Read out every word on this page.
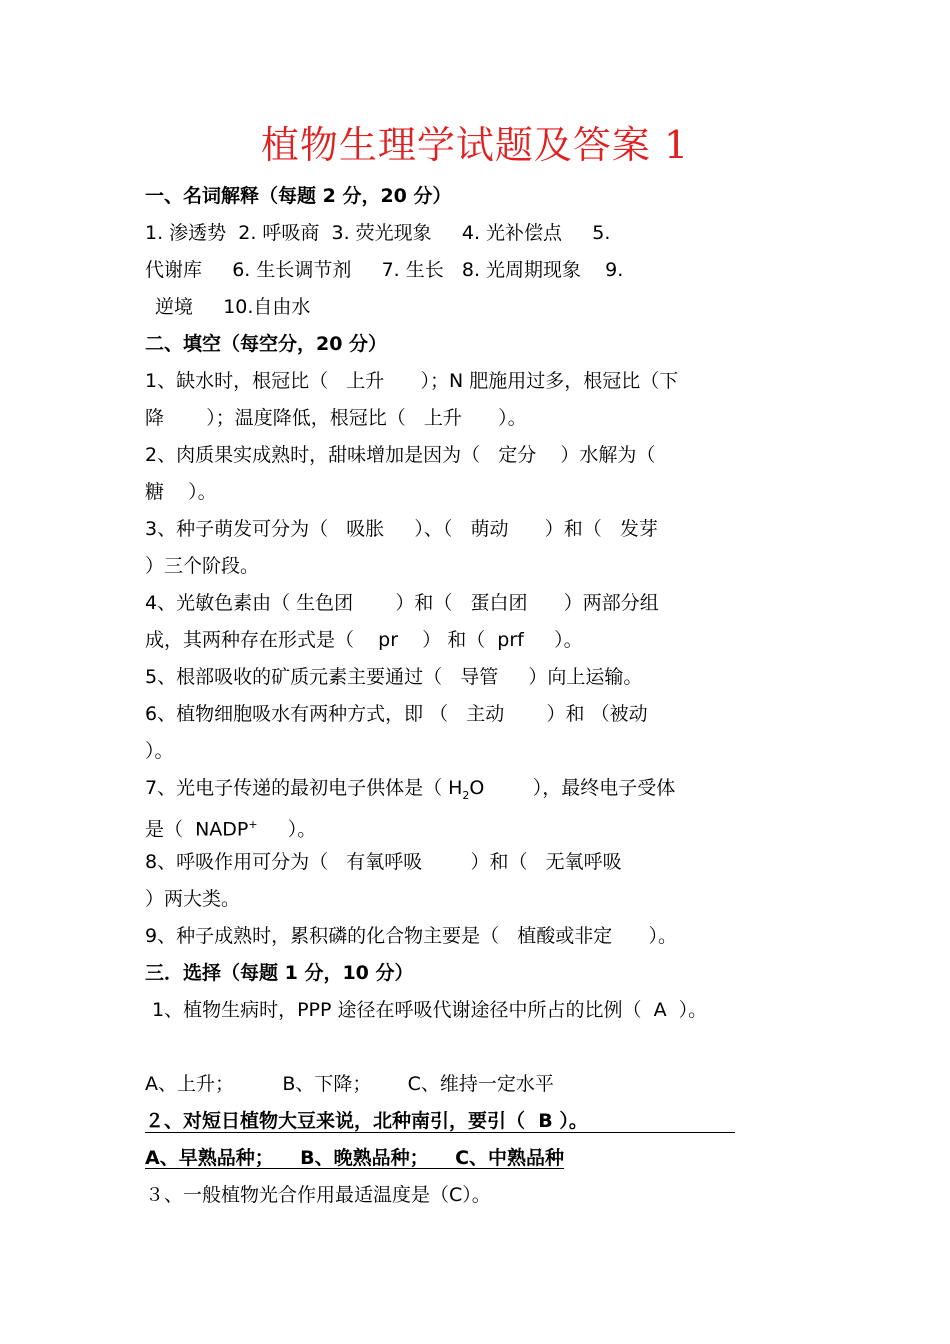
植物生理学试题及答案 1
一、名词解释（每题 2 分，20 分）
1. 渗透势  2. 呼吸商  3. 荧光现象     4. 光补偿点     5.
代谢库     6. 生长调节剂     7. 生长   8. 光周期现象    9.
逆境     10.自由水
二、填空（每空分，20 分）
1、缺水时，根冠比（   上升      ）；N 肥施用过多，根冠比（下
降       ）；温度降低，根冠比（   上升      ）。
2、肉质果实成熟时，甜味增加是因为（   定分    ）水解为（
糖    ）。
3、种子萌发可分为（   吸胀     ）、（   萌动      ）和（   发芽
）三个阶段。
4、光敏色素由（ 生色团       ）和（   蛋白团      ）两部分组
成，其两种存在形式是（    pr    ） 和（  prf     ）。
5、根部吸收的矿质元素主要通过（   导管     ）向上运输。
6、植物细胞吸水有两种方式，即 （   主动       ）和 （被动
）。
7、光电子传递的最初电子供体是（ $H_2O$        ），最终电子受体
是（  NADP+     ）。
8、呼吸作用可分为（   有氧呼吸        ）和（   无氧呼吸
）两大类。
9、种子成熟时，累积磷的化合物主要是（   植酸或非定      ）。
三．选择（每题 1 分，10 分）
1、植物生病时，PPP 途径在呼吸代谢途径中所占的比例（  A  ）。
A、上升；        B、下降；      C、维持一定水平
２、对短日植物大豆来说，北种南引，要引（  B ）。
A、早熟品种；    B、晚熟品种；    C、中熟品种
３、一般植物光合作用最适温度是（C）。
